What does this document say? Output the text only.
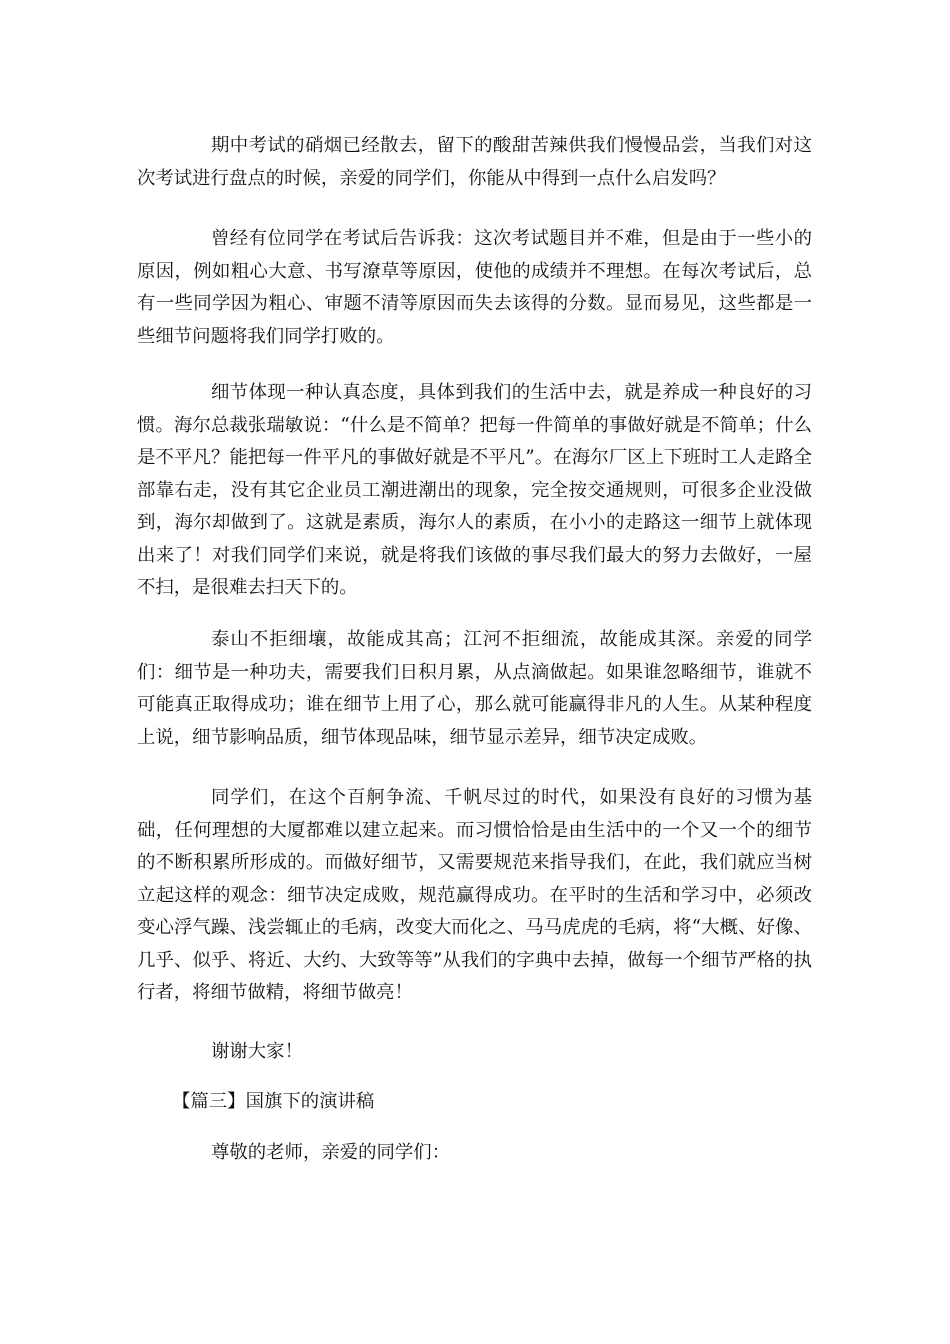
期中考试的硝烟已经散去，留下的酸甜苦辣供我们慢慢品尝，当我们对这次考试进行盘点的时候，亲爱的同学们，你能从中得到一点什么启发吗？

曾经有位同学在考试后告诉我：这次考试题目并不难，但是由于一些小的原因，例如粗心大意、书写潦草等原因，使他的成绩并不理想。在每次考试后，总有一些同学因为粗心、审题不清等原因而失去该得的分数。显而易见，这些都是一些细节问题将我们同学打败的。

细节体现一种认真态度，具体到我们的生活中去，就是养成一种良好的习惯。海尔总裁张瑞敏说：“什么是不简单？把每一件简单的事做好就是不简单；什么是不平凡？能把每一件平凡的事做好就是不平凡”。在海尔厂区上下班时工人走路全部靠右走，没有其它企业员工潮进潮出的现象，完全按交通规则，可很多企业没做到，海尔却做到了。这就是素质，海尔人的素质，在小小的走路这一细节上就体现出来了！对我们同学们来说，就是将我们该做的事尽我们最大的努力去做好，一屋不扫，是很难去扫天下的。

泰山不拒细壤，故能成其高；江河不拒细流，故能成其深。亲爱的同学们：细节是一种功夫，需要我们日积月累，从点滴做起。如果谁忽略细节，谁就不可能真正取得成功；谁在细节上用了心，那么就可能赢得非凡的人生。从某种程度上说，细节影响品质，细节体现品味，细节显示差异，细节决定成败。

同学们，在这个百舸争流、千帆尽过的时代，如果没有良好的习惯为基础，任何理想的大厦都难以建立起来。而习惯恰恰是由生活中的一个又一个的细节的不断积累所形成的。而做好细节，又需要规范来指导我们，在此，我们就应当树立起这样的观念：细节决定成败，规范赢得成功。在平时的生活和学习中，必须改变心浮气躁、浅尝辄止的毛病，改变大而化之、马马虎虎的毛病，将“大概、好像、几乎、似乎、将近、大约、大致等等”从我们的字典中去掉，做每一个细节严格的执行者，将细节做精，将细节做亮！

谢谢大家！

【篇三】国旗下的演讲稿

尊敬的老师，亲爱的同学们：
